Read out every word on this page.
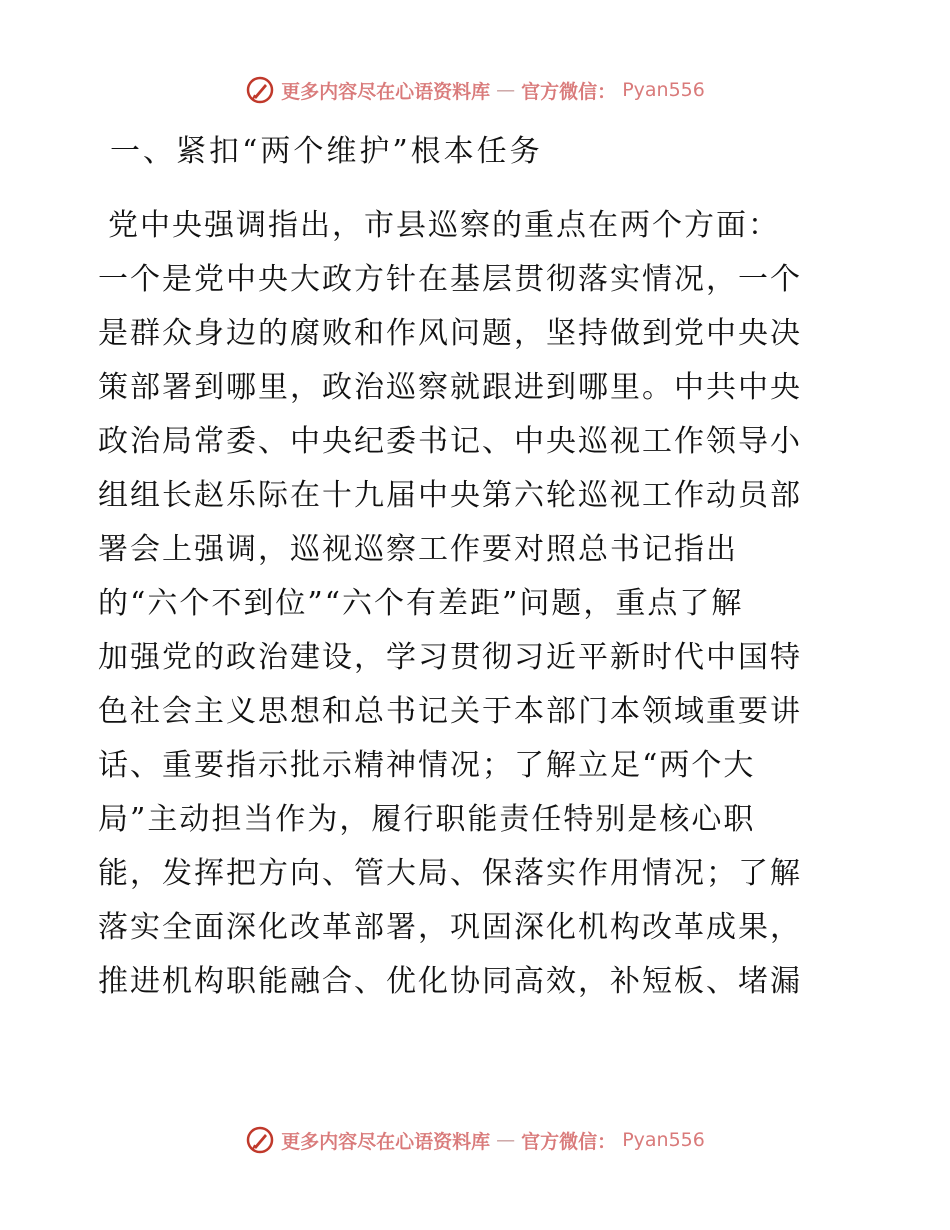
更多内容尽在心语资料库 — 官方微信： Pyan556
一、紧扣“两个维护”根本任务
党中央强调指出，市县巡察的重点在两个方面：
一个是党中央大政方针在基层贯彻落实情况，一个
是群众身边的腐败和作风问题，坚持做到党中央决
策部署到哪里，政治巡察就跟进到哪里。中共中央
政治局常委、中央纪委书记、中央巡视工作领导小
组组长赵乐际在十九届中央第六轮巡视工作动员部
署会上强调，巡视巡察工作要对照总书记指出
的“六个不到位”“六个有差距”问题，重点了解
加强党的政治建设，学习贯彻习近平新时代中国特
色社会主义思想和总书记关于本部门本领域重要讲
话、重要指示批示精神情况；了解立足“两个大
局”主动担当作为，履行职能责任特别是核心职
能，发挥把方向、管大局、保落实作用情况；了解
落实全面深化改革部署，巩固深化机构改革成果，
推进机构职能融合、优化协同高效，补短板、堵漏
更多内容尽在心语资料库 — 官方微信： Pyan556
